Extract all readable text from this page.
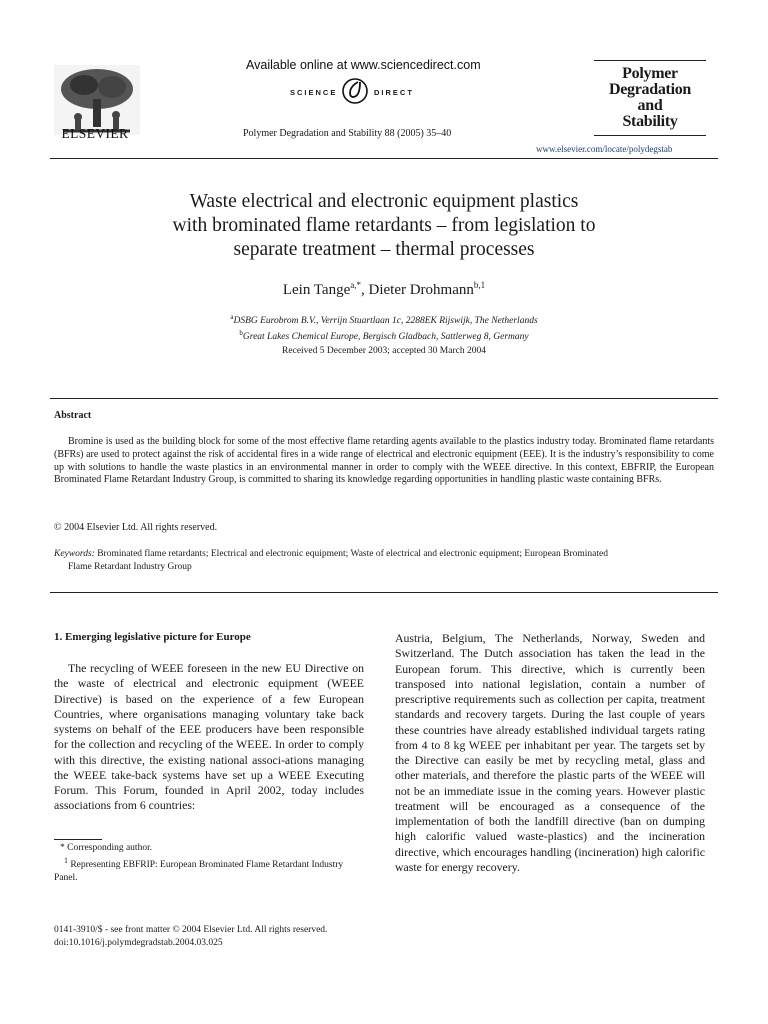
ELSEVIER
Available online at www.sciencedirect.com
SCIENCE	DIRECT
Polymer Degradation and Stability 88 (2005) 35–40
Polymer
Degradation
and
Stability
www.elsevier.com/locate/polydegstab
Waste electrical and electronic equipment plastics
with brominated flame retardants – from legislation to
separate treatment – thermal processes
Lein Tange$^{a,*}$, Dieter Drohmann$^{b,1}$
$^a$DSBG Eurobrom B.V., Verrijn Stuartlaan 1c, 2288EK Rijswijk, The Netherlands
$^b$Great Lakes Chemical Europe, Bergisch Gladbach, Sattlerweg 8, Germany
Received 5 December 2003; accepted 30 March 2004
Abstract
Bromine is used as the building block for some of the most effective flame retarding agents available to the plastics industry today. Brominated flame retardants (BFRs) are used to protect against the risk of accidental fires in a wide range of electrical and electronic equipment (EEE). It is the industry’s responsibility to come up with solutions to handle the waste plastics in an environmental manner in order to comply with the WEEE directive. In this context, EBFRIP, the European Brominated Flame Retardant Industry Group, is committed to sharing its knowledge regarding opportunities in handling plastic waste containing BFRs.
© 2004 Elsevier Ltd. All rights reserved.
Keywords: Brominated flame retardants; Electrical and electronic equipment; Waste of electrical and electronic equipment; European Brominated
Flame Retardant Industry Group
1. Emerging legislative picture for Europe
The recycling of WEEE foreseen in the new EU Directive on the waste of electrical and electronic equipment (WEEE Directive) is based on the experience of a few European Countries, where organisations managing voluntary take back systems on behalf of the EEE producers have been responsible for the collection and recycling of the WEEE. In order to comply with this directive, the existing national associ-ations managing the WEEE take-back systems have set up a WEEE Executing Forum. This Forum, founded in April 2002, today includes associations from 6 countries:
Austria, Belgium, The Netherlands, Norway, Sweden and Switzerland. The Dutch association has taken the lead in the European forum. This directive, which is currently been transposed into national legislation, contain a number of prescriptive requirements such as collection per capita, treatment standards and recovery targets. During the last couple of years these countries have already established individual targets rating from 4 to 8 kg WEEE per inhabitant per year. The targets set by the Directive can easily be met by recycling metal, glass and other materials, and therefore the plastic parts of the WEEE will not be an immediate issue in the coming years. However plastic treatment will be encouraged as a consequence of the implementation of both the landfill directive (ban on dumping high calorific valued waste-plastics) and the incineration directive, which encourages handling (incineration) high calorific waste for energy recovery.
* Corresponding author.
$^1$ Representing EBFRIP: European Brominated Flame Retardant Industry Panel.
0141-3910/$ - see front matter © 2004 Elsevier Ltd. All rights reserved.
doi:10.1016/j.polymdegradstab.2004.03.025
